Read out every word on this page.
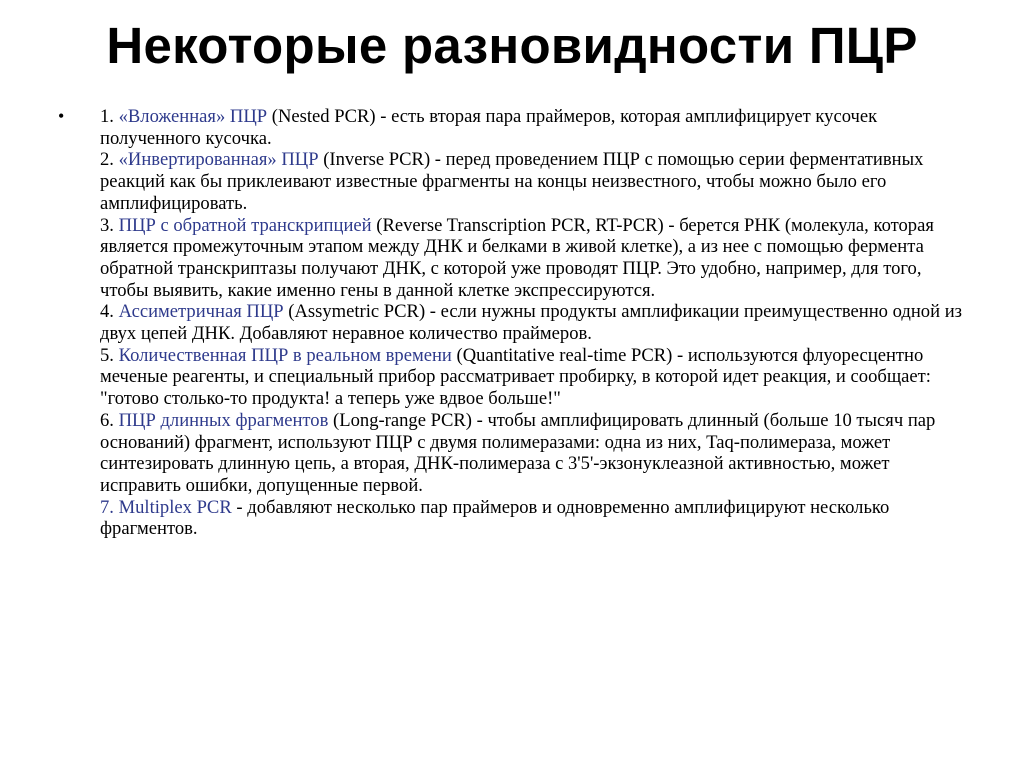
Некоторые разновидности ПЦР
• 1. «Вложенная» ПЦР (Nested PCR) - есть вторая пара праймеров, которая амплифицирует кусочек полученного кусочка.

2. «Инвертированная» ПЦР (Inverse PCR) - перед проведением ПЦР с помощью серии ферментативных реакций как бы приклеивают известные фрагменты на концы неизвестного, чтобы можно было его амплифицировать.

3. ПЦР с обратной транскрипцией (Reverse Transcription PCR, RT-PCR) - берется РНК (молекула, которая является промежуточным этапом между ДНК и белками в живой клетке), а из нее с помощью фермента обратной транскриптазы получают ДНК, с которой уже проводят ПЦР. Это удобно, например, для того, чтобы выявить, какие именно гены в данной клетке экспрессируются.

4. Ассиметричная ПЦР (Assymetric PCR) - если нужны продукты амплификации преимущественно одной из двух цепей ДНК. Добавляют неравное количество праймеров.

5. Количественная ПЦР в реальном времени (Quantitative real-time PCR) - используются флуоресцентно меченые реагенты, и специальный прибор рассматривает пробирку, в которой идет реакция, и сообщает: "готово столько-то продукта! а теперь уже вдвое больше!"

6. ПЦР длинных фрагментов (Long-range PCR) - чтобы амплифицировать длинный (больше 10 тысяч пар оснований) фрагмент, используют ПЦР с двумя полимеразами: одна из них, Taq-полимераза, может синтезировать длинную цепь, а вторая, ДНК-полимераза с 3'5'-экзонуклеазной активностью, может исправить ошибки, допущенные первой.

7. Multiplex PCR - добавляют несколько пар праймеров и одновременно амплифицируют несколько фрагментов.
